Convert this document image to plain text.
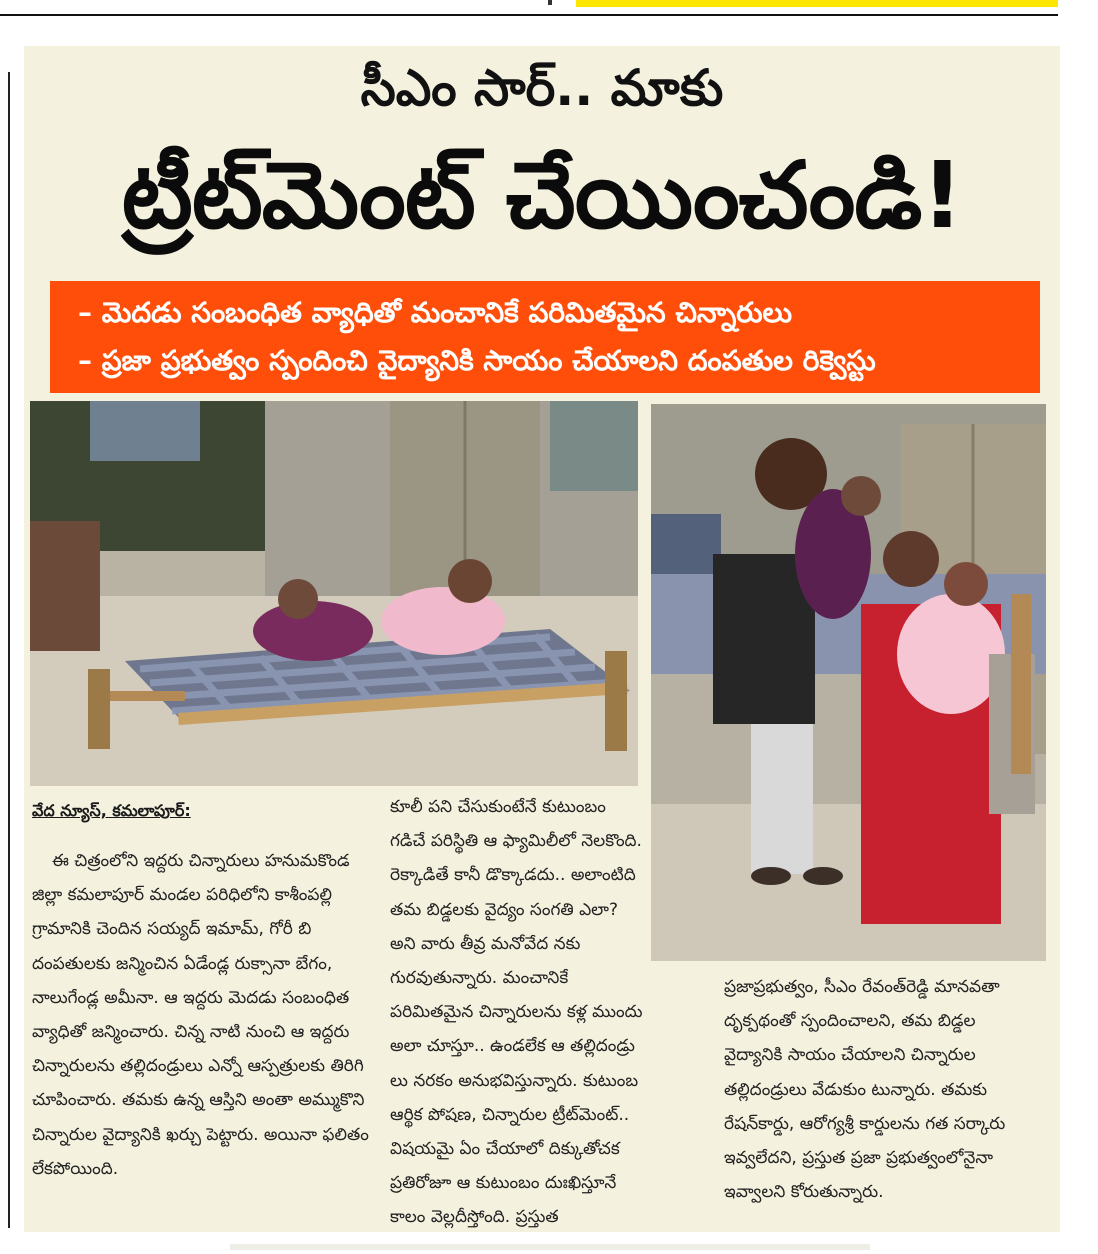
సీఎం సార్‌.. మాకు
ట్రీట్‌మెంట్‌ చేయించండి!
– మెదడు సంబంధిత వ్యాధితో మంచానికే పరిమితమైన చిన్నారులు
– ప్రజా ప్రభుత్వం స్పందించి వైద్యానికి సాయం చేయాలని దంపతుల రిక్వెస్టు
వేద న్యూస్‌, కమలాపూర్‌:

ఈ చిత్రంలోని ఇద్దరు చిన్నారులు హనుమకొండ జిల్లా కమలాపూర్‌ మండల పరిధిలోని కాశీంపల్లి గ్రామానికి చెందిన సయ్యద్‌ ఇమామ్‌, గోరీ బి దంపతులకు జన్మించిన ఏడేండ్ల రుక్సానా బేగం, నాలుగేండ్ల అమీనా. ఆ ఇద్దరు మెదడు సంబంధిత వ్యాధితో జన్మించారు. చిన్న నాటి నుంచి ఆ ఇద్దరు చిన్నారులను తల్లిదండ్రులు ఎన్నో ఆస్పత్రులకు తిరిగి చూపించారు. తమకు ఉన్న ఆస్తిని అంతా అమ్ముకొని చిన్నారుల వైద్యానికి ఖర్చు పెట్టారు. అయినా ఫలితం లేకపోయింది.

కూలీ పని చేసుకుంటేనే కుటుంబం గడిచే పరిస్థితి ఆ ఫ్యామిలీలో నెలకొంది. రెక్కాడితే కానీ డొక్కాడదు.. అలాంటిది తమ బిడ్డలకు వైద్యం సంగతి ఎలా? అని వారు తీవ్ర మనోవేద నకు గురవుతున్నారు. మంచానికే పరిమితమైన చిన్నారులను కళ్ల ముందు అలా చూస్తూ.. ఉండలేక ఆ తల్లిదండ్రు లు నరకం అనుభవిస్తున్నారు. కుటుంబ ఆర్థిక పోషణ, చిన్నారుల ట్రీట్‌మెంట్‌.. విషయమై ఏం చేయాలో దిక్కుతోచక ప్రతిరోజూ ఆ కుటుంబం దుఃఖిస్తూనే కాలం వెల్లదీస్తోంది. ప్రస్తుత

ప్రజాప్రభుత్వం, సీఎం రేవంత్‌రెడ్డి మానవతా దృక్పథంతో స్పందించాలని, తమ బిడ్డల వైద్యానికి సాయం చేయాలని చిన్నారుల తల్లిదండ్రులు వేడుకుం టున్నారు. తమకు రేషన్‌కార్డు, ఆరోగ్యశ్రీ కార్డులను గత సర్కారు ఇవ్వలేదని, ప్రస్తుత ప్రజా ప్రభుత్వంలోనైనా ఇవ్వాలని కోరుతున్నారు.
